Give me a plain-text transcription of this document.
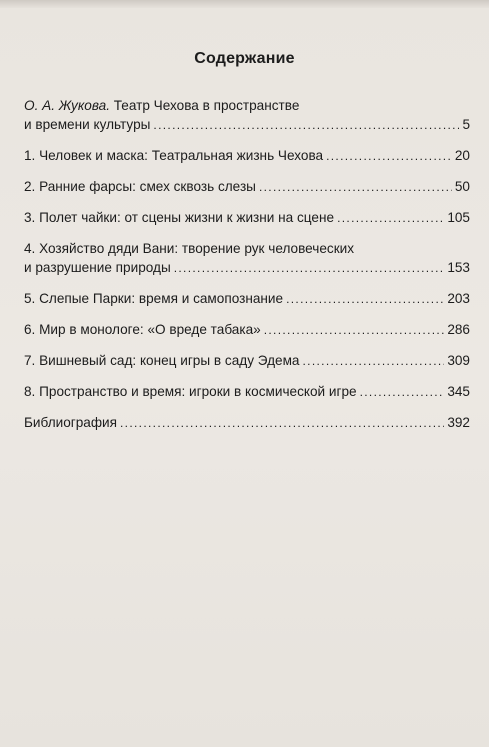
Содержание
О. А. Жукова. Театр Чехова в пространстве
и времени культуры . . .	5
1. Человек и маска: Театральная жизнь Чехова . . .	20
2. Ранние фарсы: смех сквозь слезы . . .	50
3. Полет чайки: от сцены жизни к жизни на сцене . . .	105
4. Хозяйство дяди Вани: творение рук человеческих
и разрушение природы . . .	153
5. Слепые Парки: время и самопознание . . .	203
6. Мир в монологе: «О вреде табака» . . .	286
7. Вишневый сад: конец игры в саду Эдема . . .	309
8. Пространство и время: игроки в космической игре . . .	345
Библиография . . .	392
